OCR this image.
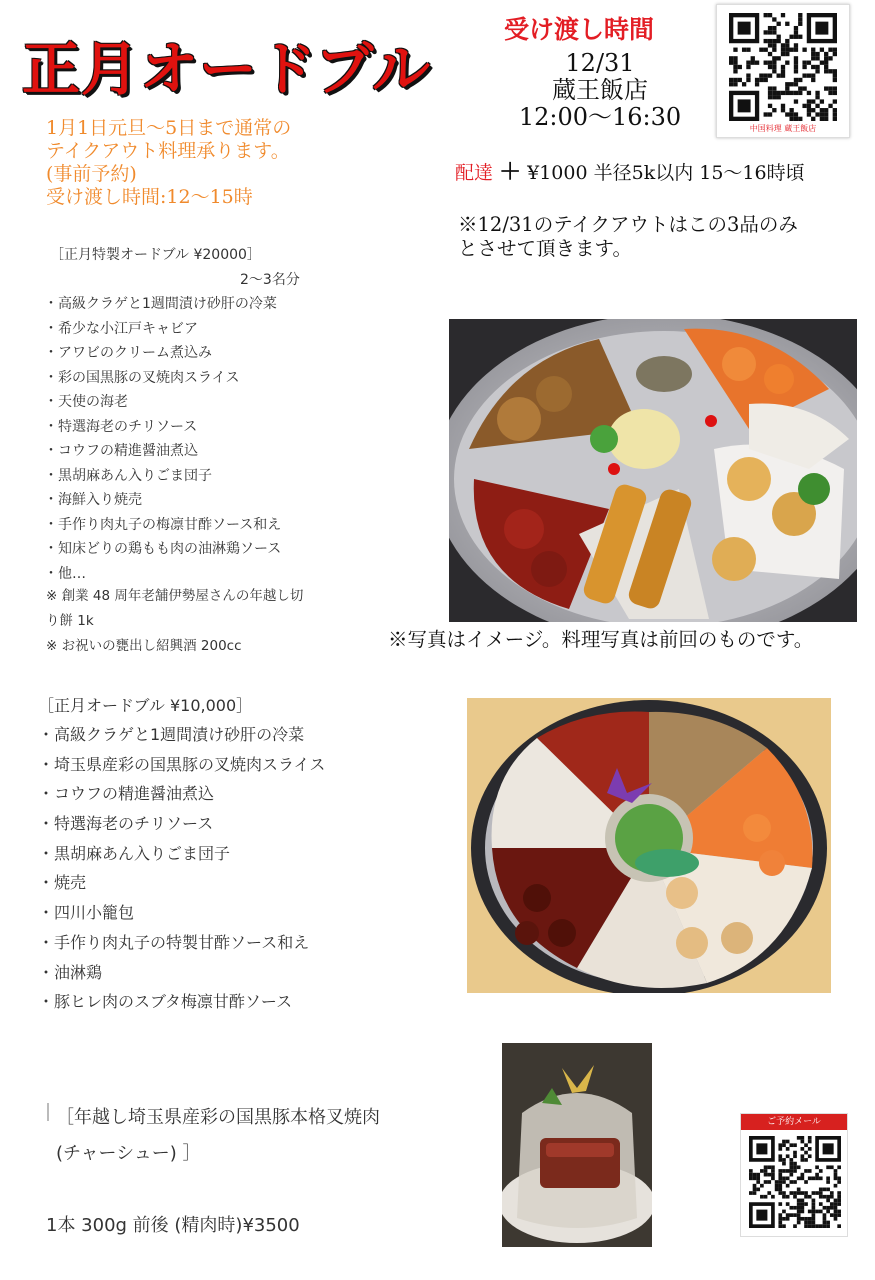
正月オードブル
1月1日元旦〜5日まで通常の
テイクアウト料理承ります。
(事前予約)
受け渡し時間:12〜15時
受け渡し時間
12/31
蔵王飯店
12:00〜16:30	中国料理 蔵王飯店
配達 ＋ ¥1000 半径5k以内 15〜16時頃
※12/31のテイクアウトはこの3品のみ
とさせて頂きます。
［正月特製オードブル ¥20000］
2〜3名分
・高級クラゲと1週間漬け砂肝の冷菜
・希少な小江戸キャビア
・アワビのクリーム煮込み
・彩の国黒豚の叉焼肉スライス
・天使の海老
・特選海老のチリソース
・コウフの精進醤油煮込
・黒胡麻あん入りごま団子
・海鮮入り焼売
・手作り肉丸子の梅凛甘酢ソース和え
・知床どりの鶏もも肉の油淋鶏ソース
・他…
※ 創業 48 周年老舗伊勢屋さんの年越し切
り餅 1k
※ お祝いの甕出し紹興酒 200cc	※写真はイメージ。料理写真は前回のものです。
［正月オードブル ¥10,000］
・高級クラゲと1週間漬け砂肝の冷菜
・埼玉県産彩の国黒豚の叉焼肉スライス
・コウフの精進醤油煮込
・特選海老のチリソース
・黒胡麻あん入りごま団子
・焼売
・四川小籠包
・手作り肉丸子の特製甘酢ソース和え
・油淋鶏
・豚ヒレ肉のスブタ梅凛甘酢ソース
［年越し埼玉県産彩の国黒豚本格叉焼肉
(チャーシュー) ］
1本 300g 前後 (精肉時)¥3500
ご予約メール
